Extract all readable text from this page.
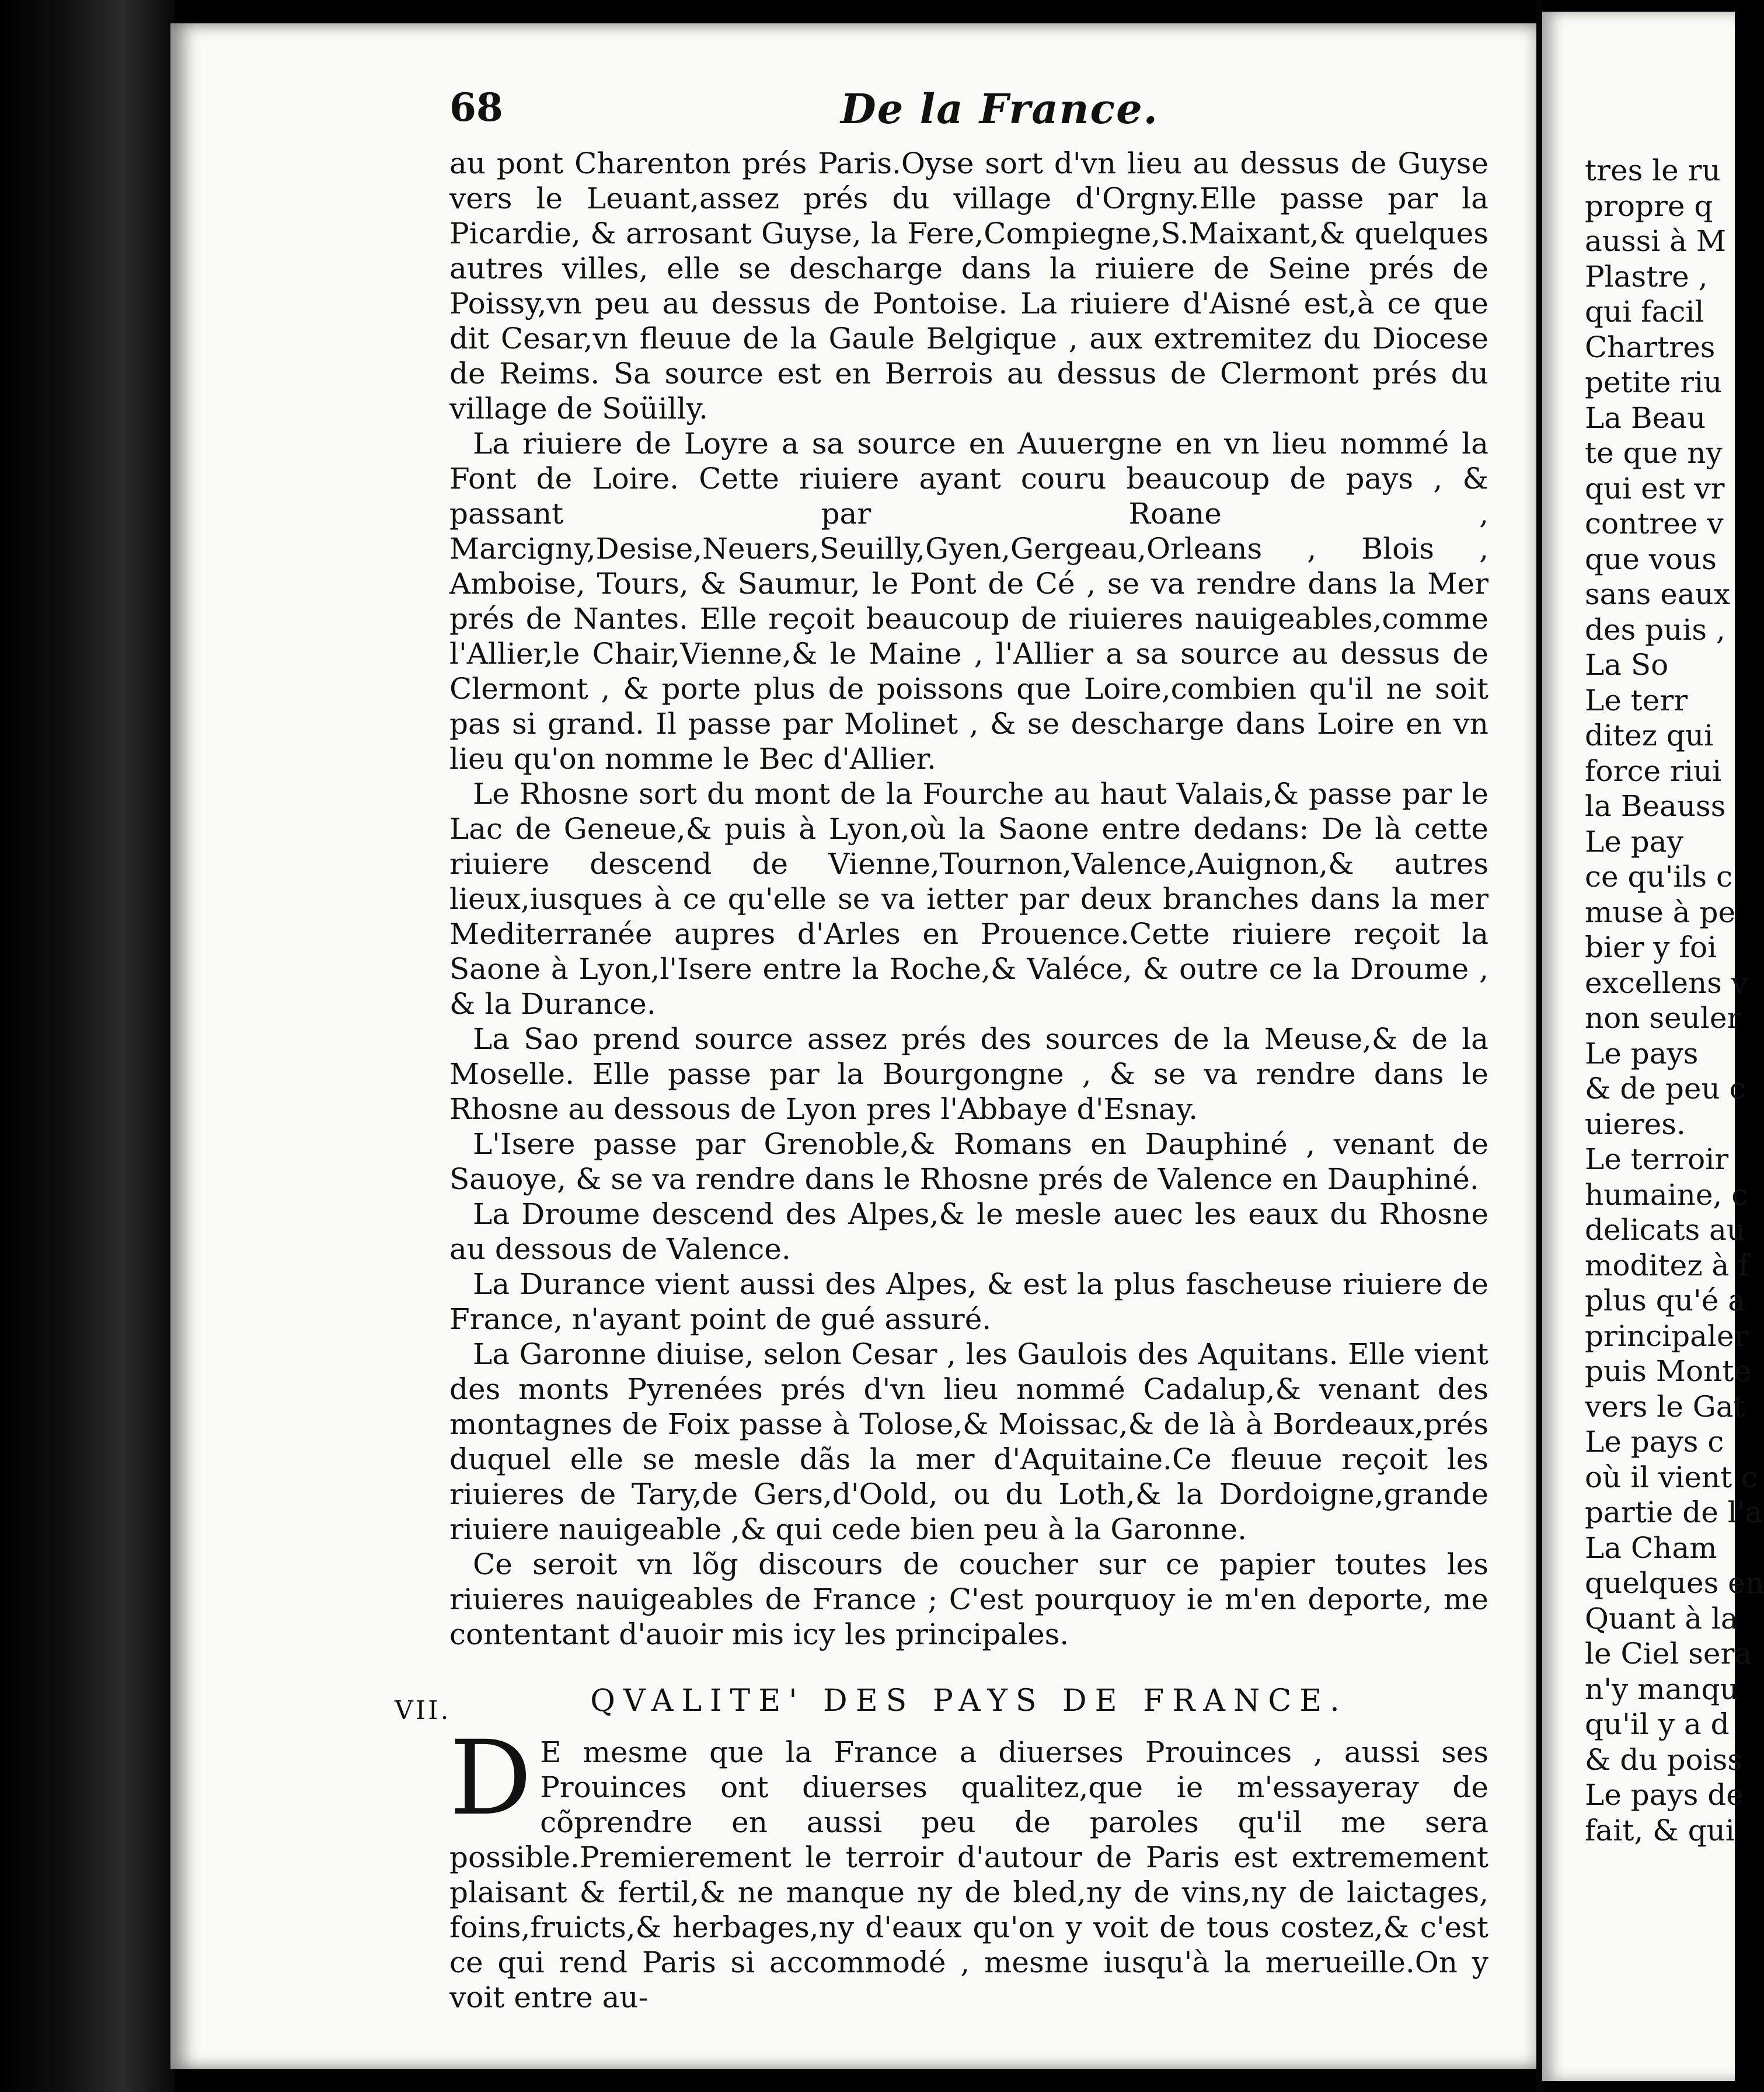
68	De la France.

au pont Charenton prés Paris.Oyse sort d'vn lieu au dessus de Guyse vers le Leuant,assez prés du village d'Orgny.Elle passe par la Picardie, & arrosant Guyse, la Fere,Compiegne,S.Maixant,& quelques autres villes, elle se descharge dans la riuiere de Seine prés de Poissy,vn peu au dessus de Pontoise. La riuiere d'Aisné est,à ce que dit Cesar,vn fleuue de la Gaule Belgique , aux extremitez du Diocese de Reims. Sa source est en Berrois au dessus de Clermont prés du village de Soüilly.

La riuiere de Loyre a sa source en Auuergne en vn lieu nommé la Font de Loire. Cette riuiere ayant couru beaucoup de pays , & passant par Roane , Marcigny,Desise,Neuers,Seuilly,Gyen,Gergeau,Orleans , Blois , Amboise, Tours, & Saumur, le Pont de Cé , se va rendre dans la Mer prés de Nantes. Elle reçoit beaucoup de riuieres nauigeables,comme l'Allier,le Chair,Vienne,& le Maine , l'Allier a sa source au dessus de Clermont , & porte plus de poissons que Loire,combien qu'il ne soit pas si grand. Il passe par Molinet , & se descharge dans Loire en vn lieu qu'on nomme le Bec d'Allier.

Le Rhosne sort du mont de la Fourche au haut Valais,& passe par le Lac de Geneue,& puis à Lyon,où la Saone entre dedans: De là cette riuiere descend de Vienne,Tournon,Valence,Auignon,& autres lieux,iusques à ce qu'elle se va ietter par deux branches dans la mer Mediterranée aupres d'Arles en Prouence.Cette riuiere reçoit la Saone à Lyon,l'Isere entre la Roche,& Valéce, & outre ce la Droume , & la Durance.

La Sao prend source assez prés des sources de la Meuse,& de la Moselle. Elle passe par la Bourgongne , & se va rendre dans le Rhosne au dessous de Lyon pres l'Abbaye d'Esnay.

L'Isere passe par Grenoble,& Romans en Dauphiné , venant de Sauoye, & se va rendre dans le Rhosne prés de Valence en Dauphiné.

La Droume descend des Alpes,& le mesle auec les eaux du Rhosne au dessous de Valence.

La Durance vient aussi des Alpes, & est la plus fascheuse riuiere de France, n'ayant point de gué assuré.

La Garonne diuise, selon Cesar , les Gaulois des Aquitans. Elle vient des monts Pyrenées prés d'vn lieu nommé Cadalup,& venant des montagnes de Foix passe à Tolose,& Moissac,& de là à Bordeaux,prés duquel elle se mesle dãs la mer d'Aquitaine.Ce fleuue reçoit les riuieres de Tary,de Gers,d'Oold, ou du Loth,& la Dordoigne,grande riuiere nauigeable ,& qui cede bien peu à la Garonne.

Ce seroit vn lõg discours de coucher sur ce papier toutes les riuieres nauigeables de France ; C'est pourquoy ie m'en deporte, me contentant d'auoir mis icy les principales.

QVALITE' DES PAYS DE FRANCE.

D E mesme que la France a diuerses Prouinces , aussi ses Prouinces ont diuerses qualitez,que ie m'essayeray de cõprendre en aussi peu de paroles qu'il me sera possible.Premierement le terroir d'autour de Paris est extremement plaisant & fertil,& ne manque ny de bled,ny de vins,ny de laictages, foins,fruicts,& herbages,ny d'eaux qu'on y voit de tous costez,& c'est ce qui rend Paris si accommodé , mesme iusqu'à la merueille.On y voit entre au-

VII.
tres le ru
propre q
aussi à M
Plastre ,
qui facil
Chartres
petite riu
La Beau
te que ny
qui est vr
contree v
que vous
sans eaux
des puis ,
La So
Le terr
ditez qui
force riui
la Beauss
Le pay
ce qu'ils c
muse à pe
bier y foi
excellens v
non seuler
Le pays
& de peu c
uieres.
Le terroir
humaine, c
delicats au
moditez à f
plus qu'é a
principaler
puis Monte
vers le Gat
Le pays c
où il vient c
partie de l'a
La Cham
quelques en
Quant à la
le Ciel sera
n'y manqu
qu'il y a d
& du poiss
Le pays de
fait, & qui
